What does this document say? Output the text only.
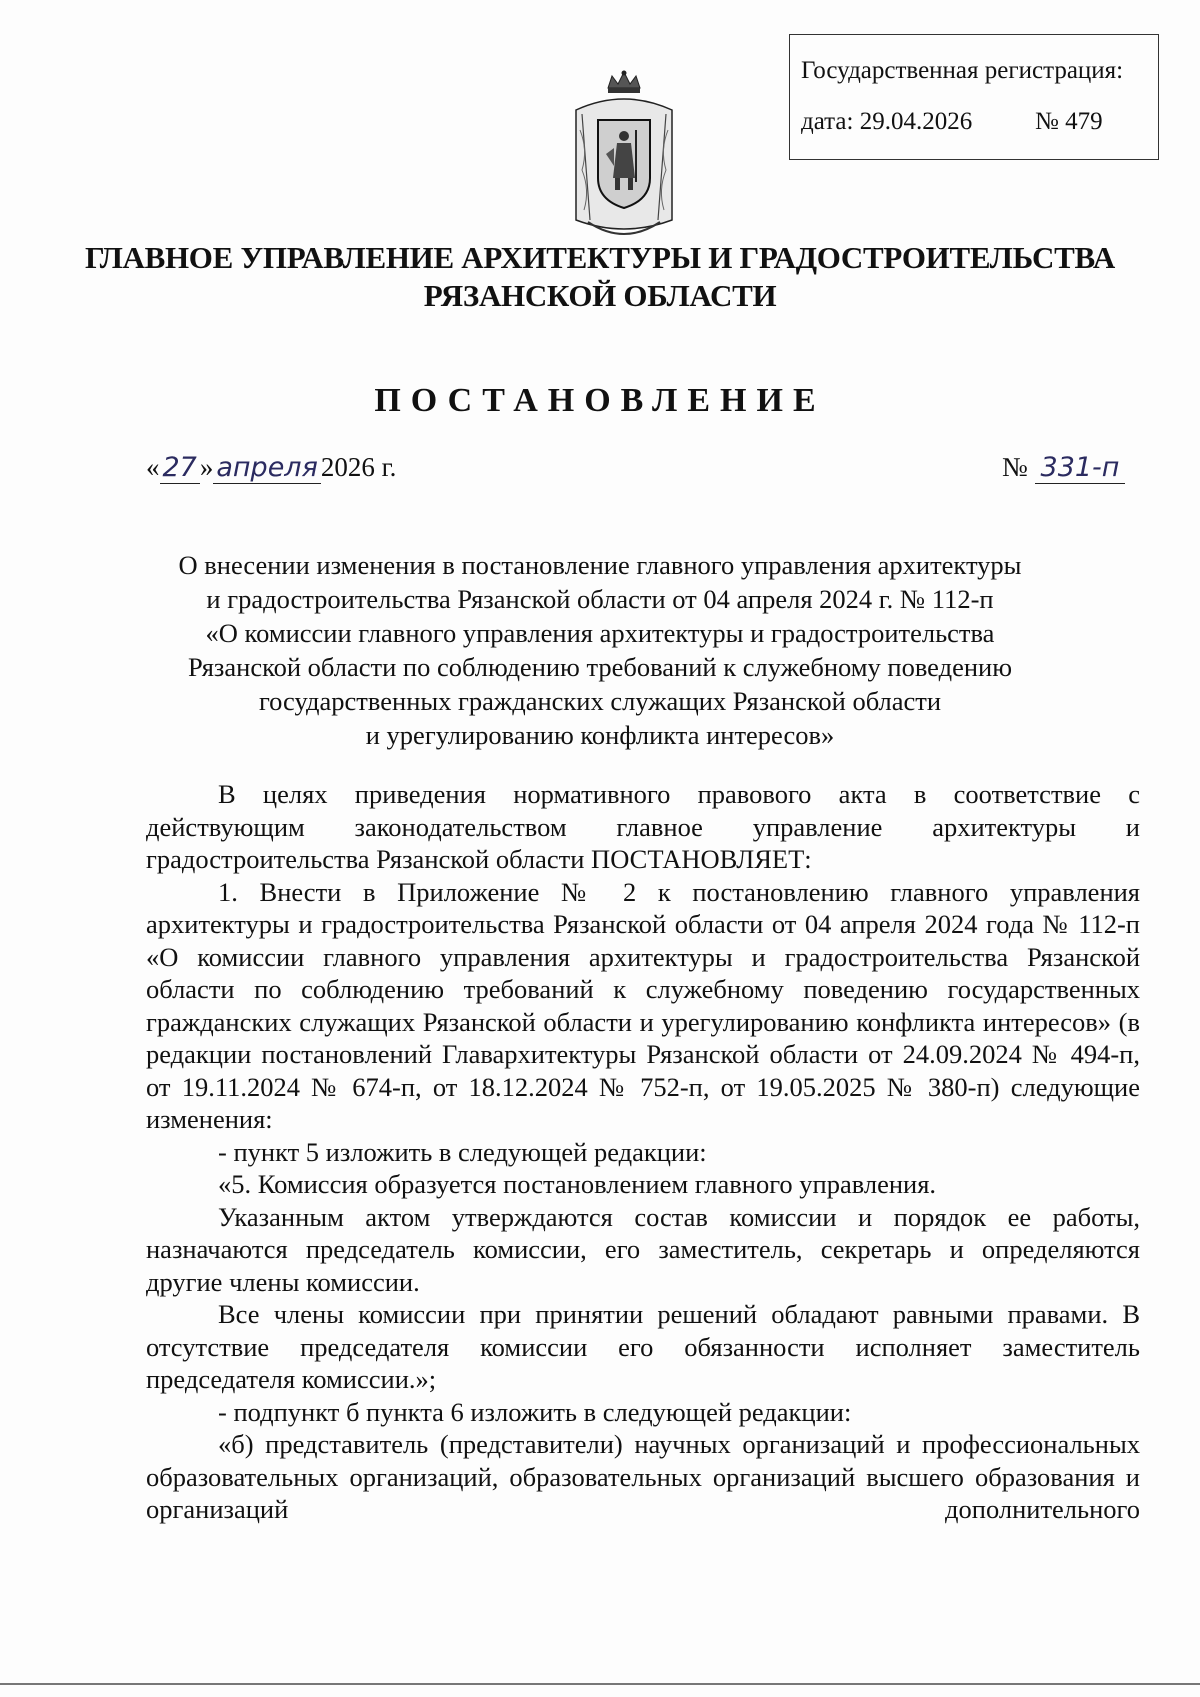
Государственная регистрация:
дата: 29.04.2026	№ 479
ГЛАВНОЕ УПРАВЛЕНИЕ АРХИТЕКТУРЫ И ГРАДОСТРОИТЕЛЬСТВА
РЯЗАНСКОЙ ОБЛАСТИ
ПОСТАНОВЛЕНИЕ
« 27 » апреля 2026 г.	№ 331-п
О внесении изменения в постановление главного управления архитектуры
и градостроительства Рязанской области от 04 апреля 2024 г. № 112-п
«О комиссии главного управления архитектуры и градостроительства
Рязанской области по соблюдению требований к служебному поведению
государственных гражданских служащих Рязанской области
и урегулированию конфликта интересов»

В целях приведения нормативного правового акта в соответствие с действующим законодательством главное управление архитектуры и градостроительства Рязанской области ПОСТАНОВЛЯЕТ:

1. Внести в Приложение № 2 к постановлению главного управления архитектуры и градостроительства Рязанской области от 04 апреля 2024 года № 112-п «О комиссии главного управления архитектуры и градостроительства Рязанской области по соблюдению требований к служебному поведению государственных гражданских служащих Рязанской области и урегулированию конфликта интересов» (в редакции постановлений Главархитектуры Рязанской области от 24.09.2024 № 494-п, от 19.11.2024 № 674-п, от 18.12.2024 № 752-п, от 19.05.2025 № 380-п) следующие изменения:

- пункт 5 изложить в следующей редакции:

«5. Комиссия образуется постановлением главного управления.

Указанным актом утверждаются состав комиссии и порядок ее работы, назначаются председатель комиссии, его заместитель, секретарь и определяются другие члены комиссии.

Все члены комиссии при принятии решений обладают равными правами. В отсутствие председателя комиссии его обязанности исполняет заместитель председателя комиссии.»;

- подпункт б пункта 6 изложить в следующей редакции:

«б) представитель (представители) научных организаций и профессиональных образовательных организаций, образовательных организаций высшего образования и организаций дополнительного
